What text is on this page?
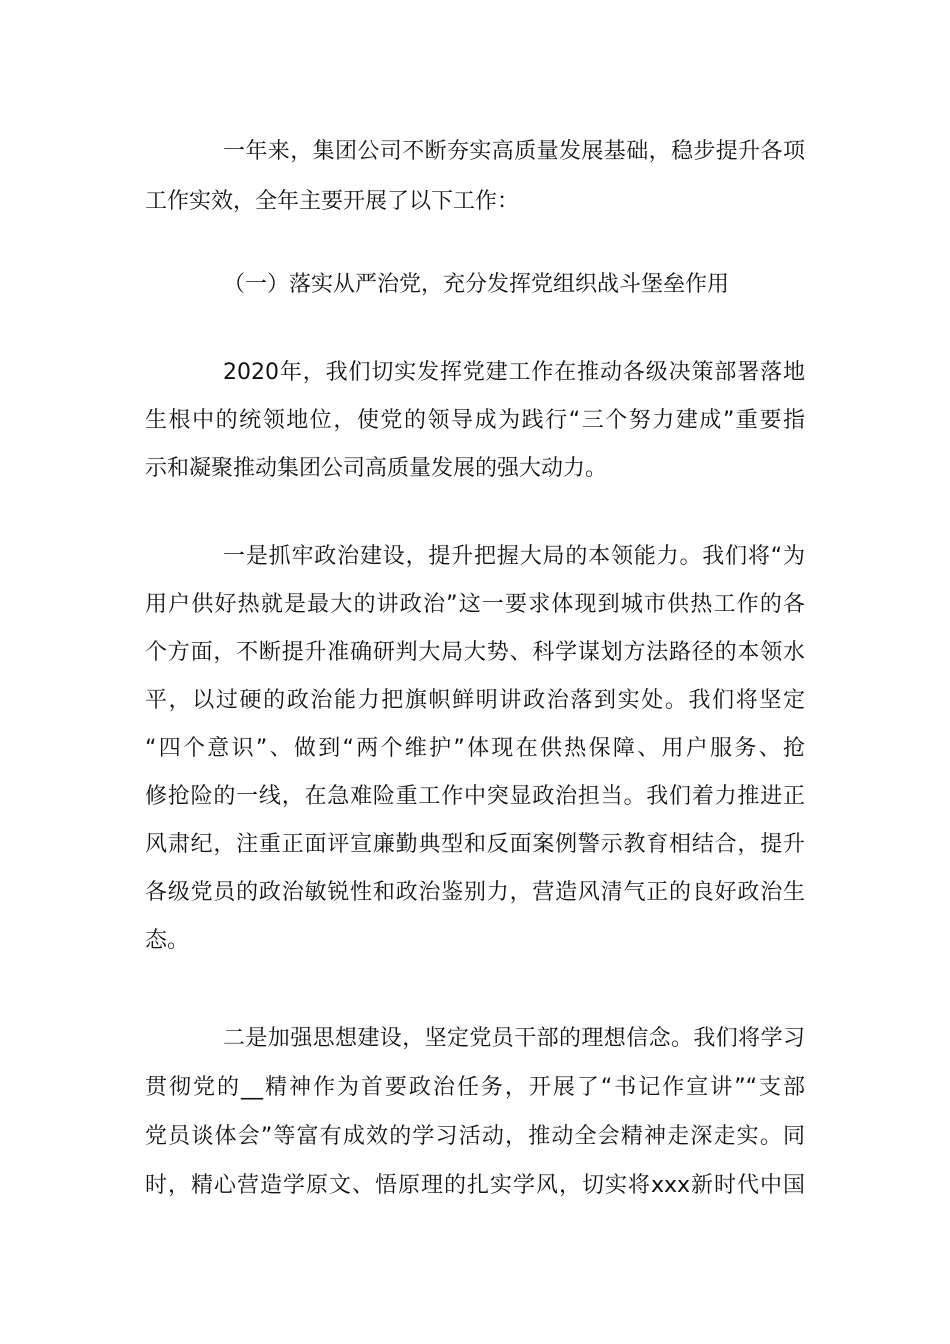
一年来，集团公司不断夯实高质量发展基础，稳步提升各项
工作实效，全年主要开展了以下工作：
（一）落实从严治党，充分发挥党组织战斗堡垒作用
2020年，我们切实发挥党建工作在推动各级决策部署落地
生根中的统领地位，使党的领导成为践行“三个努力建成”重要指
示和凝聚推动集团公司高质量发展的强大动力。
一是抓牢政治建设，提升把握大局的本领能力。我们将“为
用户供好热就是最大的讲政治”这一要求体现到城市供热工作的各
个方面，不断提升准确研判大局大势、科学谋划方法路径的本领水
平，以过硬的政治能力把旗帜鲜明讲政治落到实处。我们将坚定
“四个意识”、做到“两个维护”体现在供热保障、用户服务、抢
修抢险的一线，在急难险重工作中突显政治担当。我们着力推进正
风肃纪，注重正面评宣廉勤典型和反面案例警示教育相结合，提升
各级党员的政治敏锐性和政治鉴别力，营造风清气正的良好政治生
态。
二是加强思想建设，坚定党员干部的理想信念。我们将学习
贯彻党的__精神作为首要政治任务，开展了“书记作宣讲”“支部
党员谈体会”等富有成效的学习活动，推动全会精神走深走实。同
时，精心营造学原文、悟原理的扎实学风，切实将xxx新时代中国
